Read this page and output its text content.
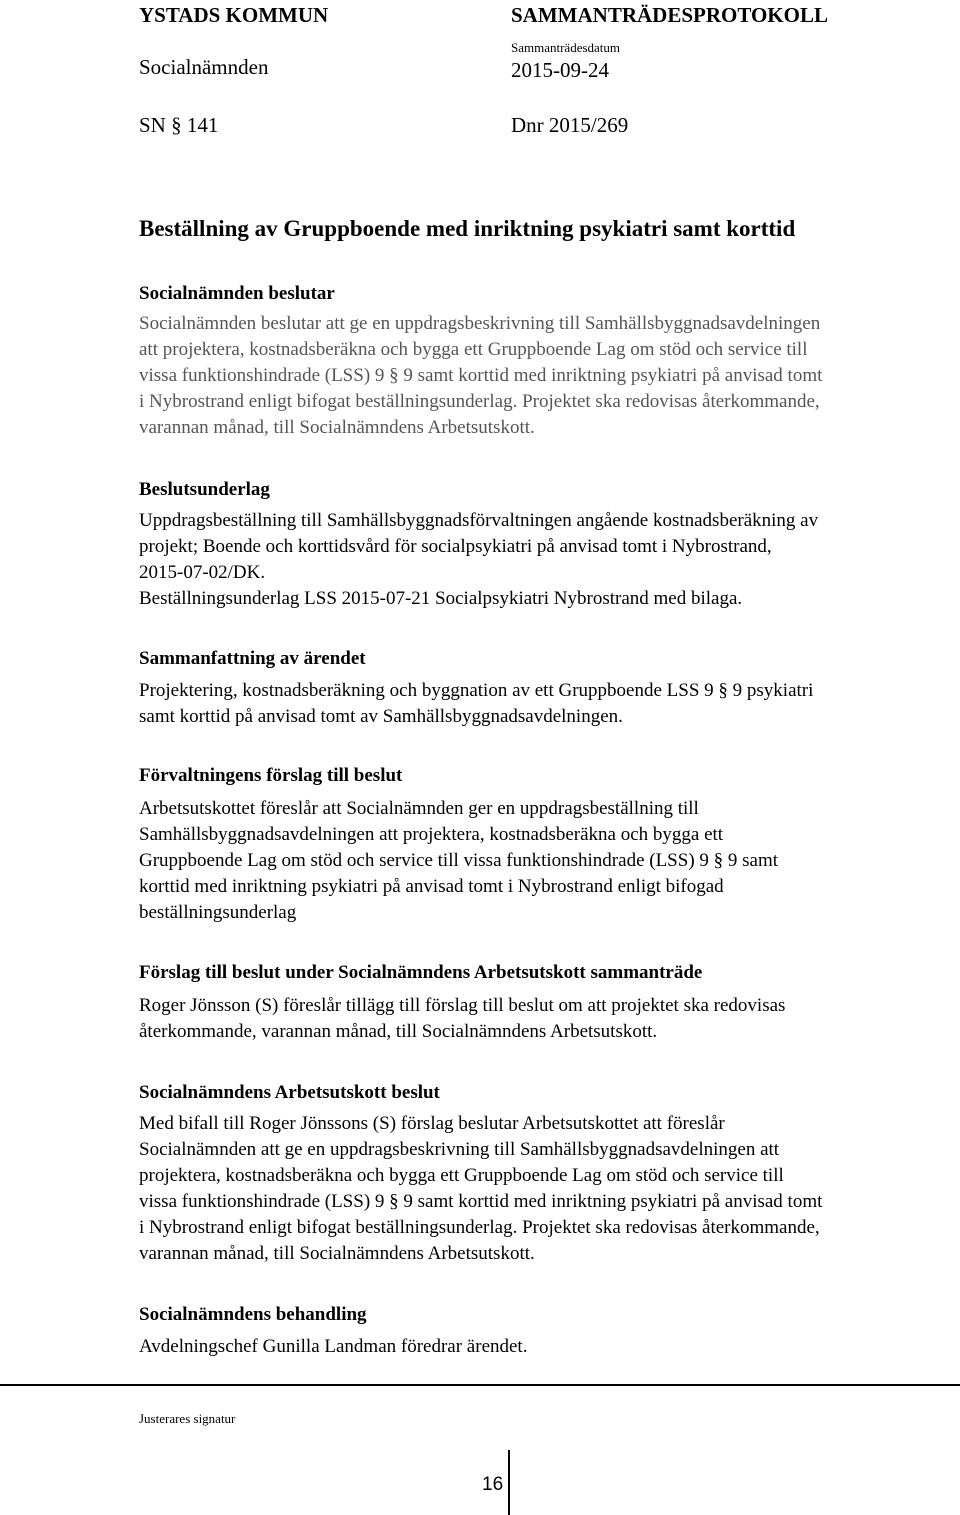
YSTADS KOMMUN	SAMMANTRÄDESPROTOKOLL
Socialnämnden
Sammanträdesdatum
2015-09-24
SN § 141	Dnr 2015/269
Beställning av Gruppboende med inriktning psykiatri samt korttid
Socialnämnden beslutar
Socialnämnden beslutar att ge en uppdragsbeskrivning till Samhällsbyggnadsavdelningen
att projektera, kostnadsberäkna och bygga ett Gruppboende Lag om stöd och service till
vissa funktionshindrade (LSS) 9 § 9 samt korttid med inriktning psykiatri på anvisad tomt
i Nybrostrand enligt bifogat beställningsunderlag. Projektet ska redovisas återkommande,
varannan månad, till Socialnämndens Arbetsutskott.
Beslutsunderlag
Uppdragsbeställning till Samhällsbyggnadsförvaltningen angående kostnadsberäkning av
projekt; Boende och korttidsvård för socialpsykiatri på anvisad tomt i Nybrostrand,
2015-07-02/DK.
Beställningsunderlag LSS 2015-07-21 Socialpsykiatri Nybrostrand med bilaga.
Sammanfattning av ärendet
Projektering, kostnadsberäkning och byggnation av ett Gruppboende LSS 9 § 9 psykiatri
samt korttid på anvisad tomt av Samhällsbyggnadsavdelningen.
Förvaltningens förslag till beslut
Arbetsutskottet föreslår att Socialnämnden ger en uppdragsbeställning till
Samhällsbyggnadsavdelningen att projektera, kostnadsberäkna och bygga ett
Gruppboende Lag om stöd och service till vissa funktionshindrade (LSS) 9 § 9 samt
korttid med inriktning psykiatri på anvisad tomt i Nybrostrand enligt bifogad
beställningsunderlag
Förslag till beslut under Socialnämndens Arbetsutskott sammanträde
Roger Jönsson (S) föreslår tillägg till förslag till beslut om att projektet ska redovisas
återkommande, varannan månad, till Socialnämndens Arbetsutskott.
Socialnämndens Arbetsutskott beslut
Med bifall till Roger Jönssons (S) förslag beslutar Arbetsutskottet att föreslår
Socialnämnden att ge en uppdragsbeskrivning till Samhällsbyggnadsavdelningen att
projektera, kostnadsberäkna och bygga ett Gruppboende Lag om stöd och service till
vissa funktionshindrade (LSS) 9 § 9 samt korttid med inriktning psykiatri på anvisad tomt
i Nybrostrand enligt bifogat beställningsunderlag. Projektet ska redovisas återkommande,
varannan månad, till Socialnämndens Arbetsutskott.
Socialnämndens behandling
Avdelningschef Gunilla Landman föredrar ärendet.
Justerares signatur
16
